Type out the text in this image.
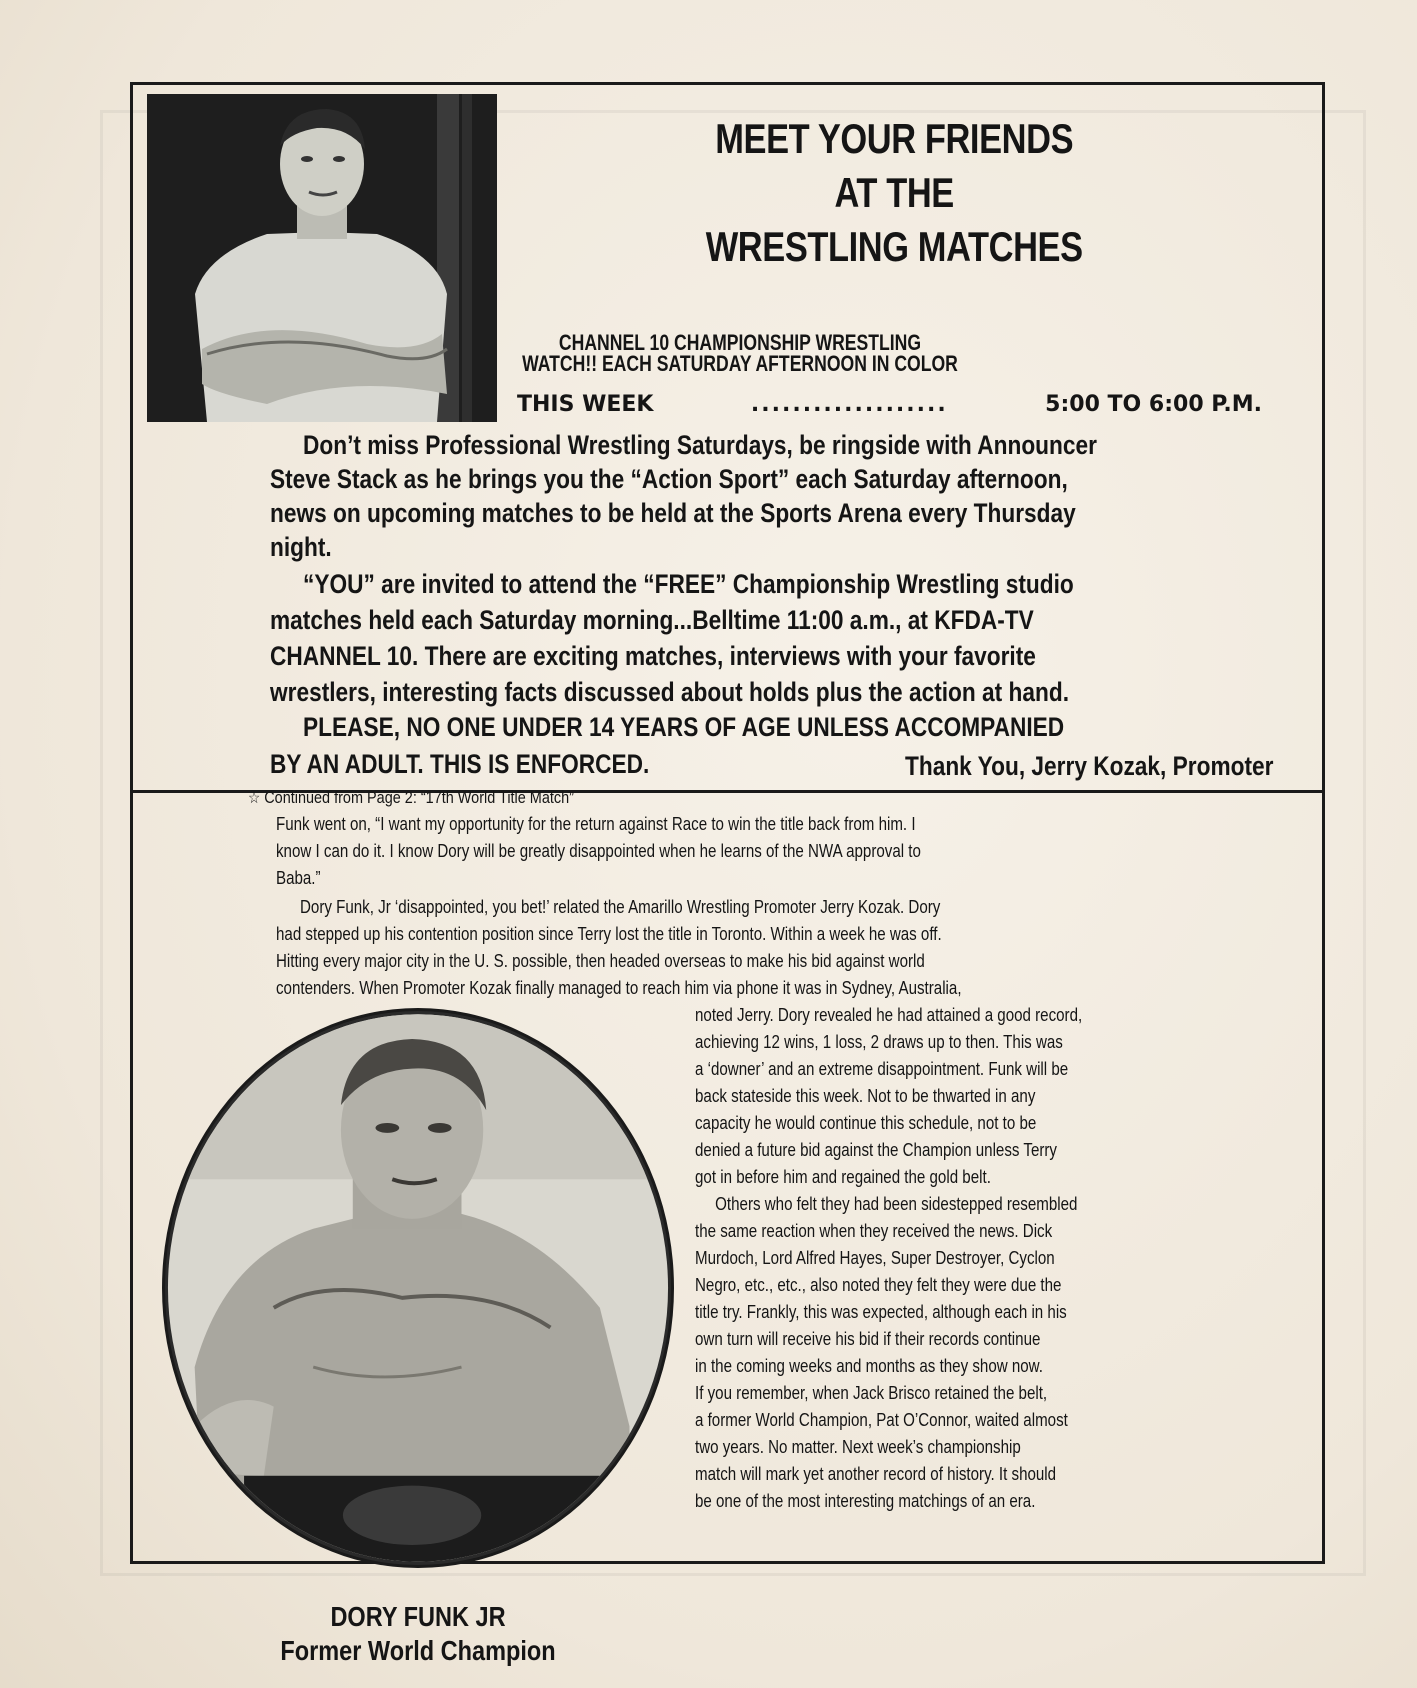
MEET YOUR FRIENDS
AT THE
WRESTLING MATCHES
CHANNEL 10 CHAMPIONSHIP WRESTLING
WATCH!! EACH SATURDAY AFTERNOON IN COLOR
THIS WEEK	...................	5:00 TO 6:00 P.M.
Don’t miss Professional Wrestling Saturdays, be ringside with Announcer
Steve Stack as he brings you the “Action Sport” each Saturday afternoon,
news on upcoming matches to be held at the Sports Arena every Thursday
night.
“YOU” are invited to attend the “FREE” Championship Wrestling studio
matches held each Saturday morning...Belltime 11:00 a.m., at KFDA-TV
CHANNEL 10. There are exciting matches, interviews with your favorite
wrestlers, interesting facts discussed about holds plus the action at hand.
PLEASE, NO ONE UNDER 14 YEARS OF AGE UNLESS ACCOMPANIED
BY AN ADULT. THIS IS ENFORCED.	Thank You, Jerry Kozak, Promoter
☆ Continued from Page 2: “17th World Title Match”
Funk went on, “I want my opportunity for the return against Race to win the title back from him. I
know I can do it. I know Dory will be greatly disappointed when he learns of the NWA approval to
Baba.”
Dory Funk, Jr ‘disappointed, you bet!’ related the Amarillo Wrestling Promoter Jerry Kozak. Dory
had stepped up his contention position since Terry lost the title in Toronto. Within a week he was off.
Hitting every major city in the U. S. possible, then headed overseas to make his bid against world
contenders. When Promoter Kozak finally managed to reach him via phone it was in Sydney, Australia,
DORY FUNK JR
Former World Champion
noted Jerry. Dory revealed he had attained a good record,
achieving 12 wins, 1 loss, 2 draws up to then. This was
a ‘downer’ and an extreme disappointment. Funk will be
back stateside this week. Not to be thwarted in any
capacity he would continue this schedule, not to be
denied a future bid against the Champion unless Terry
got in before him and regained the gold belt.
Others who felt they had been sidestepped resembled
the same reaction when they received the news. Dick
Murdoch, Lord Alfred Hayes, Super Destroyer, Cyclon
Negro, etc., etc., also noted they felt they were due the
title try. Frankly, this was expected, although each in his
own turn will receive his bid if their records continue
in the coming weeks and months as they show now.
If you remember, when Jack Brisco retained the belt,
a former World Champion, Pat O’Connor, waited almost
two years. No matter. Next week’s championship
match will mark yet another record of history. It should
be one of the most interesting matchings of an era.
